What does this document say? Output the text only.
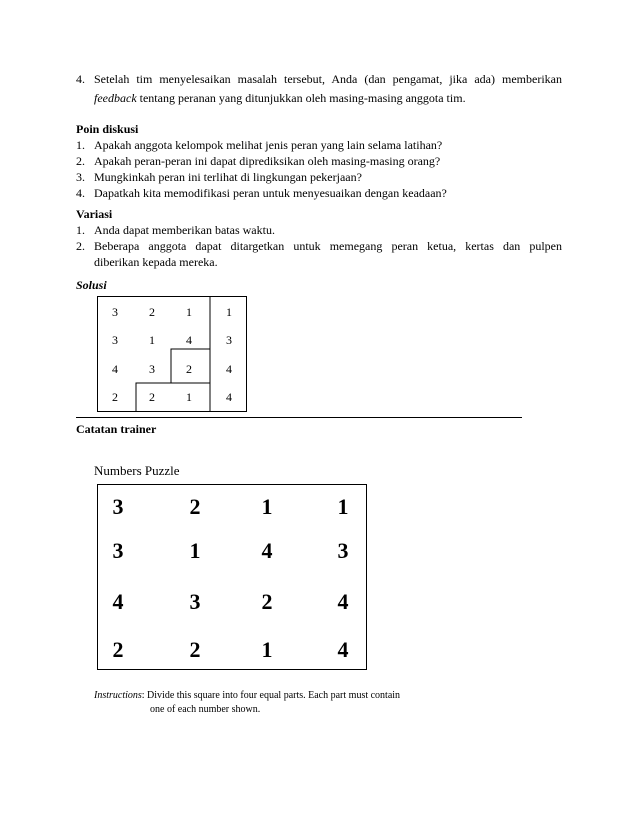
4. Setelah tim menyelesaikan masalah tersebut, Anda (dan pengamat, jika ada) memberikan
feedback tentang peranan yang ditunjukkan oleh masing-masing anggota tim.
Poin diskusi
1. Apakah anggota kelompok melihat jenis peran yang lain selama latihan?
2. Apakah peran-peran ini dapat diprediksikan oleh masing-masing orang?
3. Mungkinkah peran ini terlihat di lingkungan pekerjaan?
4. Dapatkah kita memodifikasi peran untuk menyesuaikan dengan keadaan?
Variasi
1. Anda dapat memberikan batas waktu.
2. Beberapa anggota dapat ditargetkan untuk memegang peran ketua, kertas dan pulpen
diberikan kepada mereka.
Solusi
3	2	1	1
3	1	4	3
4	3	2	4
2	2	1	4
Catatan trainer
Numbers Puzzle
3	2	1	1
3	1	4	3
4	3	2	4
2	2	1	4
Instructions: Divide this square into four equal parts. Each part must contain
one of each number shown.
